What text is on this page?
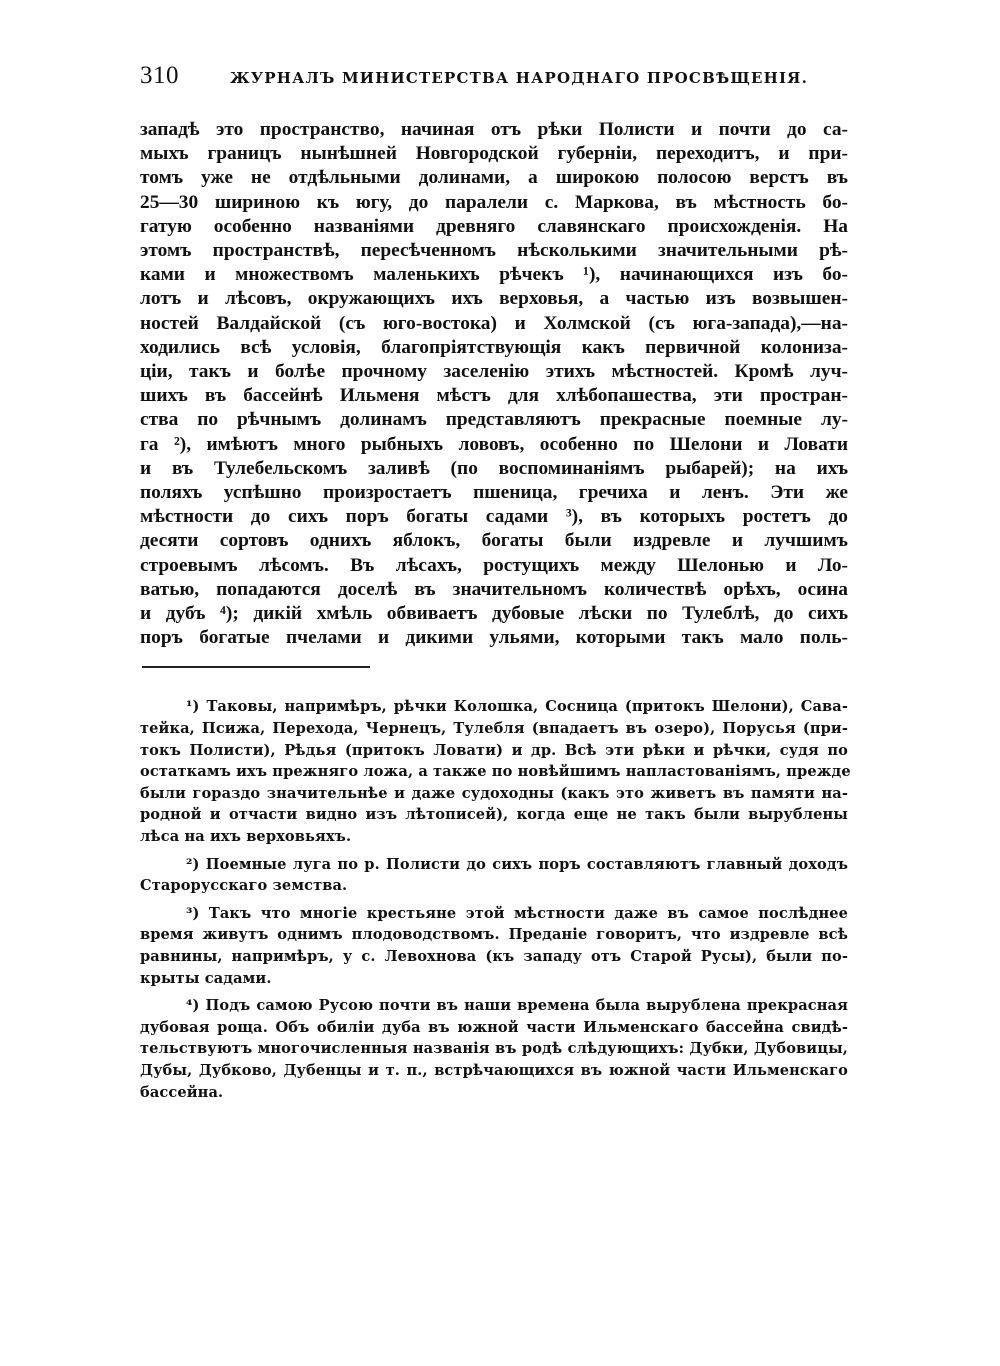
310	ЖУРНАЛЪ МИНИСТЕРСТВА НАРОДНАГО ПРОСВѢЩЕНІЯ.
западѣ это пространство, начиная отъ рѣки Полисти и почти до са-
мыхъ границъ нынѣшней Новгородской губерніи, переходитъ, и при-
томъ уже не отдѣльными долинами, а широкою полосою верстъ въ
25—30 шириною къ югу, до паралели с. Маркова, въ мѣстность бо-
гатую особенно названіями древняго славянскаго происхожденія. На
этомъ пространствѣ, пересѣченномъ нѣсколькими значительными рѣ-
ками и множествомъ маленькихъ рѣчекъ ¹), начинающихся изъ бо-
лотъ и лѣсовъ, окружающихъ ихъ верховья, а частью изъ возвышен-
ностей Валдайской (съ юго-востока) и Холмской (съ юга-запада),—на-
ходились всѣ условія, благопріятствующія какъ первичной колониза-
ціи, такъ и болѣе прочному заселенію этихъ мѣстностей. Кромѣ луч-
шихъ въ бассейнѣ Ильменя мѣстъ для хлѣбопашества, эти простран-
ства по рѣчнымъ долинамъ представляютъ прекрасные поемные лу-
га ²), имѣютъ много рыбныхъ лововъ, особенно по Шелони и Ловати
и въ Тулебельскомъ заливѣ (по воспоминаніямъ рыбарей); на ихъ
поляхъ успѣшно произростаетъ пшеница, гречиха и ленъ. Эти же
мѣстности до сихъ поръ богаты садами ³), въ которыхъ ростетъ до
десяти сортовъ однихъ яблокъ, богаты были издревле и лучшимъ
строевымъ лѣсомъ. Въ лѣсахъ, ростущихъ между Шелонью и Ло-
ватью, попадаются доселѣ въ значительномъ количествѣ орѣхъ, осина
и дубъ ⁴); дикій хмѣль обвиваетъ дубовые лѣски по Тулеблѣ, до сихъ
поръ богатые пчелами и дикими ульями, которыми такъ мало поль-
¹) Таковы, напримѣръ, рѣчки Колошка, Сосница (притокъ Шелони), Сава-
тейка, Псижа, Перехода, Чернецъ, Тулебля (впадаетъ въ озеро), Порусья (при-
токъ Полисти), Рѣдья (притокъ Ловати) и др. Всѣ эти рѣки и рѣчки, судя по
остаткамъ ихъ прежняго ложа, а также по новѣйшимъ напластованіямъ, прежде
были гораздо значительнѣе и даже судоходны (какъ это живетъ въ памяти на-
родной и отчасти видно изъ лѣтописей), когда еще не такъ были вырублены
лѣса на ихъ верховьяхъ.
²) Поемные луга по р. Полисти до сихъ поръ составляютъ главный доходъ
Старорусскаго земства.
³) Такъ что многіе крестьяне этой мѣстности даже въ самое послѣднее
время живутъ однимъ плодоводствомъ. Преданіе говоритъ, что издревле всѣ
равнины, напримѣръ, у с. Левохнова (къ западу отъ Старой Русы), были по-
крыты садами.
⁴) Подъ самою Русою почти въ наши времена была вырублена прекрасная
дубовая роща. Объ обиліи дуба въ южной части Ильменскаго бассейна свидѣ-
тельствуютъ многочисленныя названія въ родѣ слѣдующихъ: Дубки, Дубовицы,
Дубы, Дубково, Дубенцы и т. п., встрѣчающихся въ южной части Ильменскаго
бассейна.
